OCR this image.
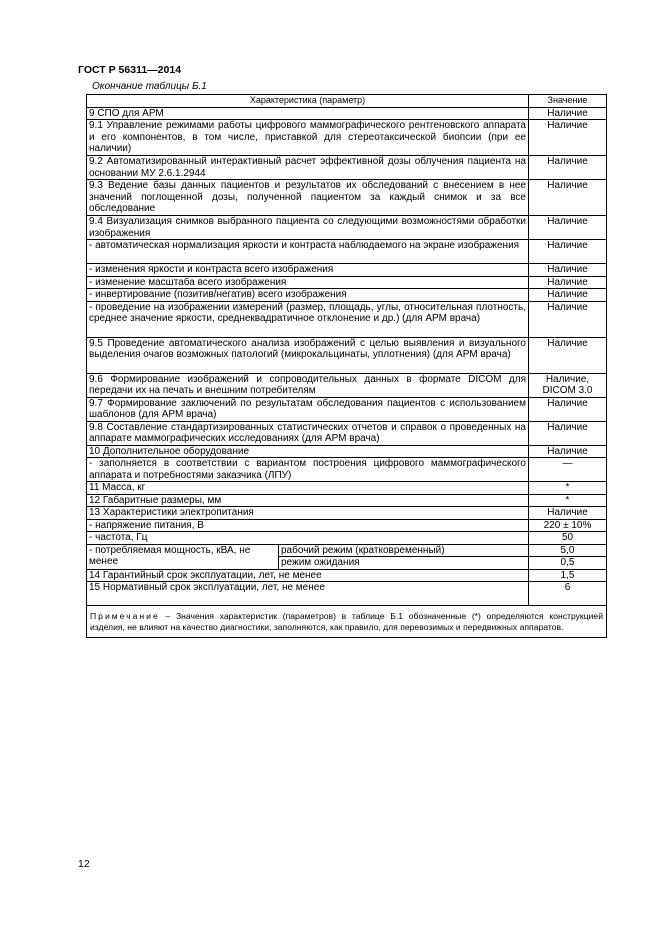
ГОСТ Р 56311—2014
Окончание таблицы Б.1
Характеристика (параметр)		Значение
9 СПО для АРМ		Наличие
9.1 Управление режимами работы цифрового маммографического рентгеновского аппарата и его компонентов, в том числе, приставкой для стереотаксической биопсии (при ее наличии)		Наличие
9.2 Автоматизированный интерактивный расчет эффективной дозы облучения пациента на основании МУ 2.6.1.2944		Наличие
9.3 Ведение базы данных пациентов и результатов их обследований с внесением в нее значений поглощенной дозы, полученной пациентом за каждый снимок и за все обследование		Наличие
9.4 Визуализация снимков выбранного пациента со следующими возможностями обработки изображения		Наличие
- автоматическая нормализация яркости и контраста наблюдаемого на экране изображения		Наличие
- изменения яркости и контраста всего изображения		Наличие
- изменение масштаба всего изображения		Наличие
- инвертирование (позитив/негатив) всего изображения		Наличие
- проведение на изображении измерений (размер, площадь, углы, относительная плотность, среднее значение яркости, среднеквадратичное отклонение и др.) (для АРМ врача)		Наличие
9.5 Проведение автоматического анализа изображений с целью выявления и визуального выделения очагов возможных патологий (микрокальцинаты, уплотнения) (для АРМ врача)		Наличие
9.6 Формирование изображений и сопроводительных данных в формате DICOM для передачи их на печать и внешним потребителям		Наличие, DICOM 3.0
9.7 Формирование заключений по результатам обследования пациентов с использованием шаблонов (для АРМ врача)		Наличие
9.8 Составление стандартизированных статистических отчетов и справок о проведенных на аппарате маммографических исследованиях (для АРМ врача)		Наличие
10 Дополнительное оборудование		Наличие
- заполняется в соответствии с вариантом построения цифрового маммографического аппарата и потребностями заказчика (ЛПУ)		—
11 Масса, кг		*
12 Габаритные размеры, мм		*
13 Характеристики электропитания		Наличие
- напряжение питания, В		220 ± 10%
- частота, Гц		50
- потребляемая мощность, кВА, не менее	рабочий режим (кратковременный)	5,0
	режим ожидания	0,5
14 Гарантийный срок эксплуатации, лет, не менее		1,5
15 Нормативный срок эксплуатации, лет, не менее		6
Примечание – Значения характеристик (параметров) в таблице Б.1 обозначенные (*) определяются конструкцией изделия, не влияют на качество диагностики, заполняются, как правило, для перевозимых и передвижных аппаратов.		
12
